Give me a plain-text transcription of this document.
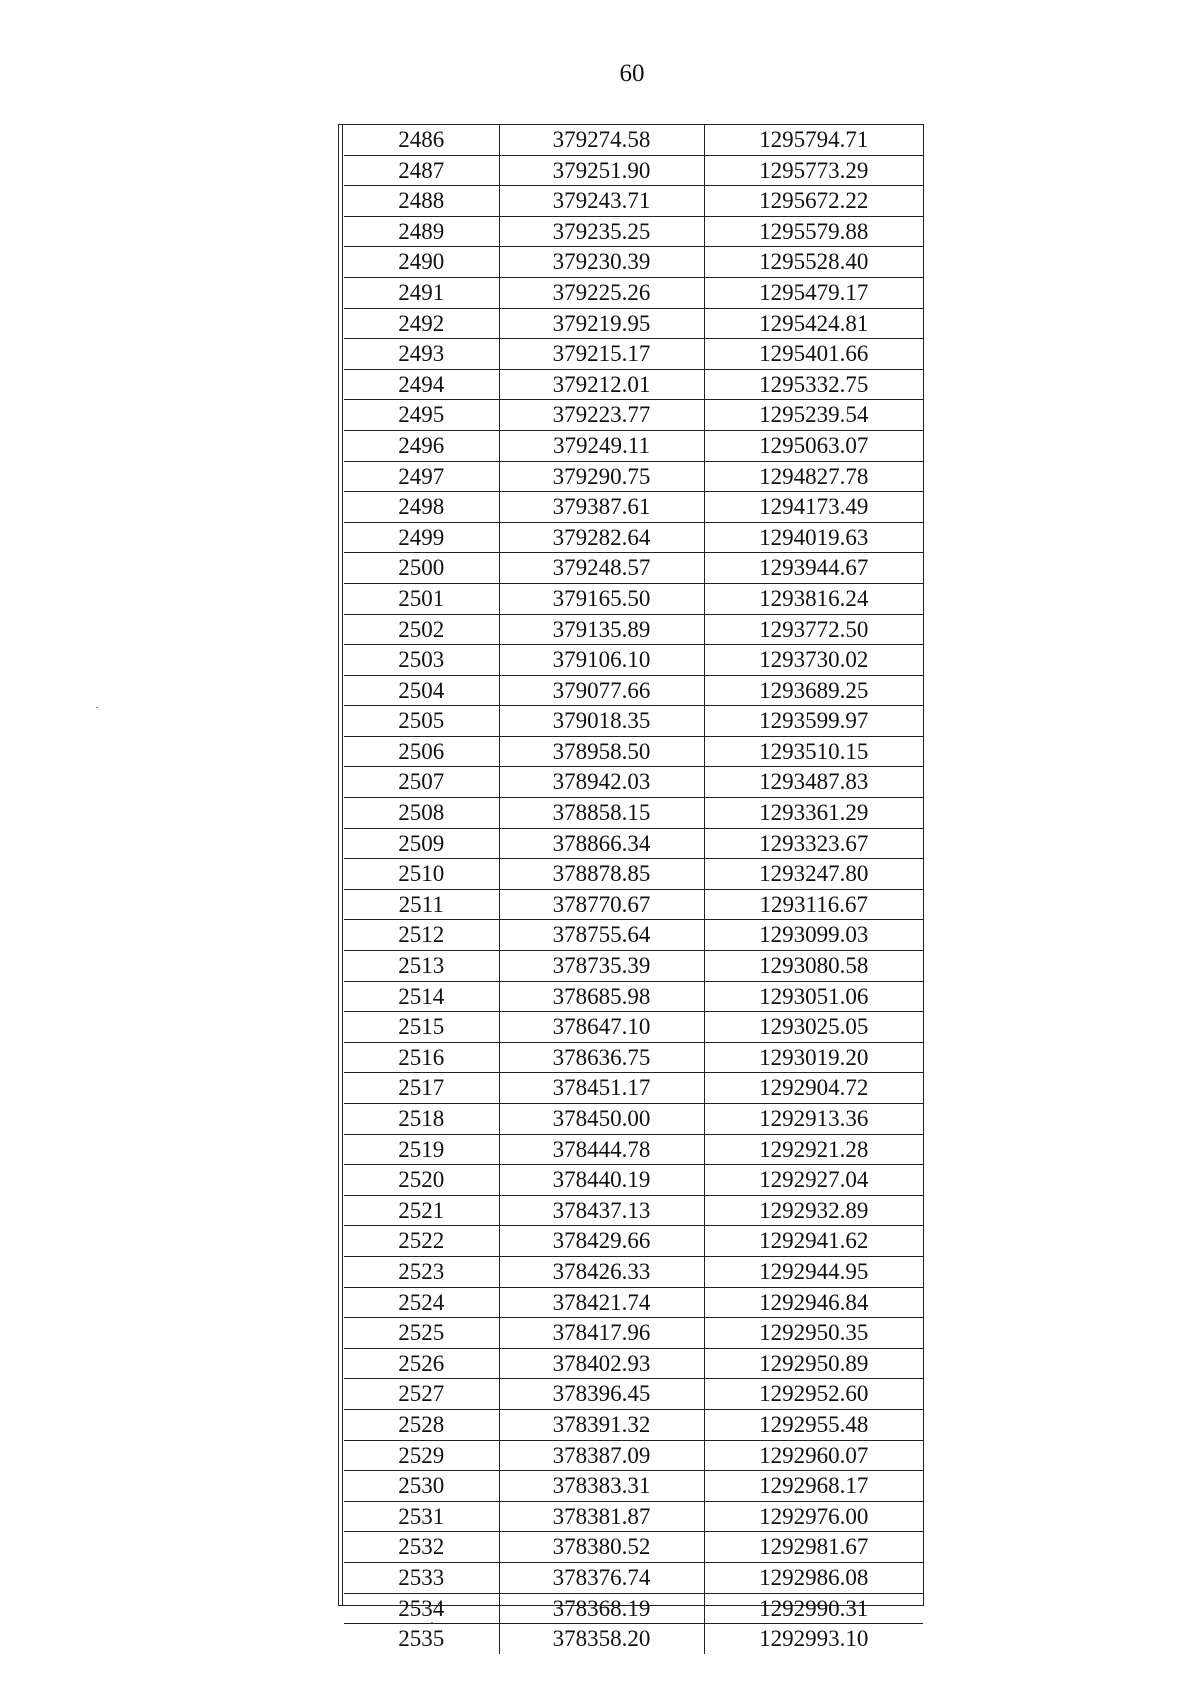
60
2486	379274.58	1295794.71
2487	379251.90	1295773.29
2488	379243.71	1295672.22
2489	379235.25	1295579.88
2490	379230.39	1295528.40
2491	379225.26	1295479.17
2492	379219.95	1295424.81
2493	379215.17	1295401.66
2494	379212.01	1295332.75
2495	379223.77	1295239.54
2496	379249.11	1295063.07
2497	379290.75	1294827.78
2498	379387.61	1294173.49
2499	379282.64	1294019.63
2500	379248.57	1293944.67
2501	379165.50	1293816.24
2502	379135.89	1293772.50
2503	379106.10	1293730.02
2504	379077.66	1293689.25
2505	379018.35	1293599.97
2506	378958.50	1293510.15
2507	378942.03	1293487.83
2508	378858.15	1293361.29
2509	378866.34	1293323.67
2510	378878.85	1293247.80
2511	378770.67	1293116.67
2512	378755.64	1293099.03
2513	378735.39	1293080.58
2514	378685.98	1293051.06
2515	378647.10	1293025.05
2516	378636.75	1293019.20
2517	378451.17	1292904.72
2518	378450.00	1292913.36
2519	378444.78	1292921.28
2520	378440.19	1292927.04
2521	378437.13	1292932.89
2522	378429.66	1292941.62
2523	378426.33	1292944.95
2524	378421.74	1292946.84
2525	378417.96	1292950.35
2526	378402.93	1292950.89
2527	378396.45	1292952.60
2528	378391.32	1292955.48
2529	378387.09	1292960.07
2530	378383.31	1292968.17
2531	378381.87	1292976.00
2532	378380.52	1292981.67
2533	378376.74	1292986.08
2534	378368.19	1292990.31
2535	378358.20	1292993.10
